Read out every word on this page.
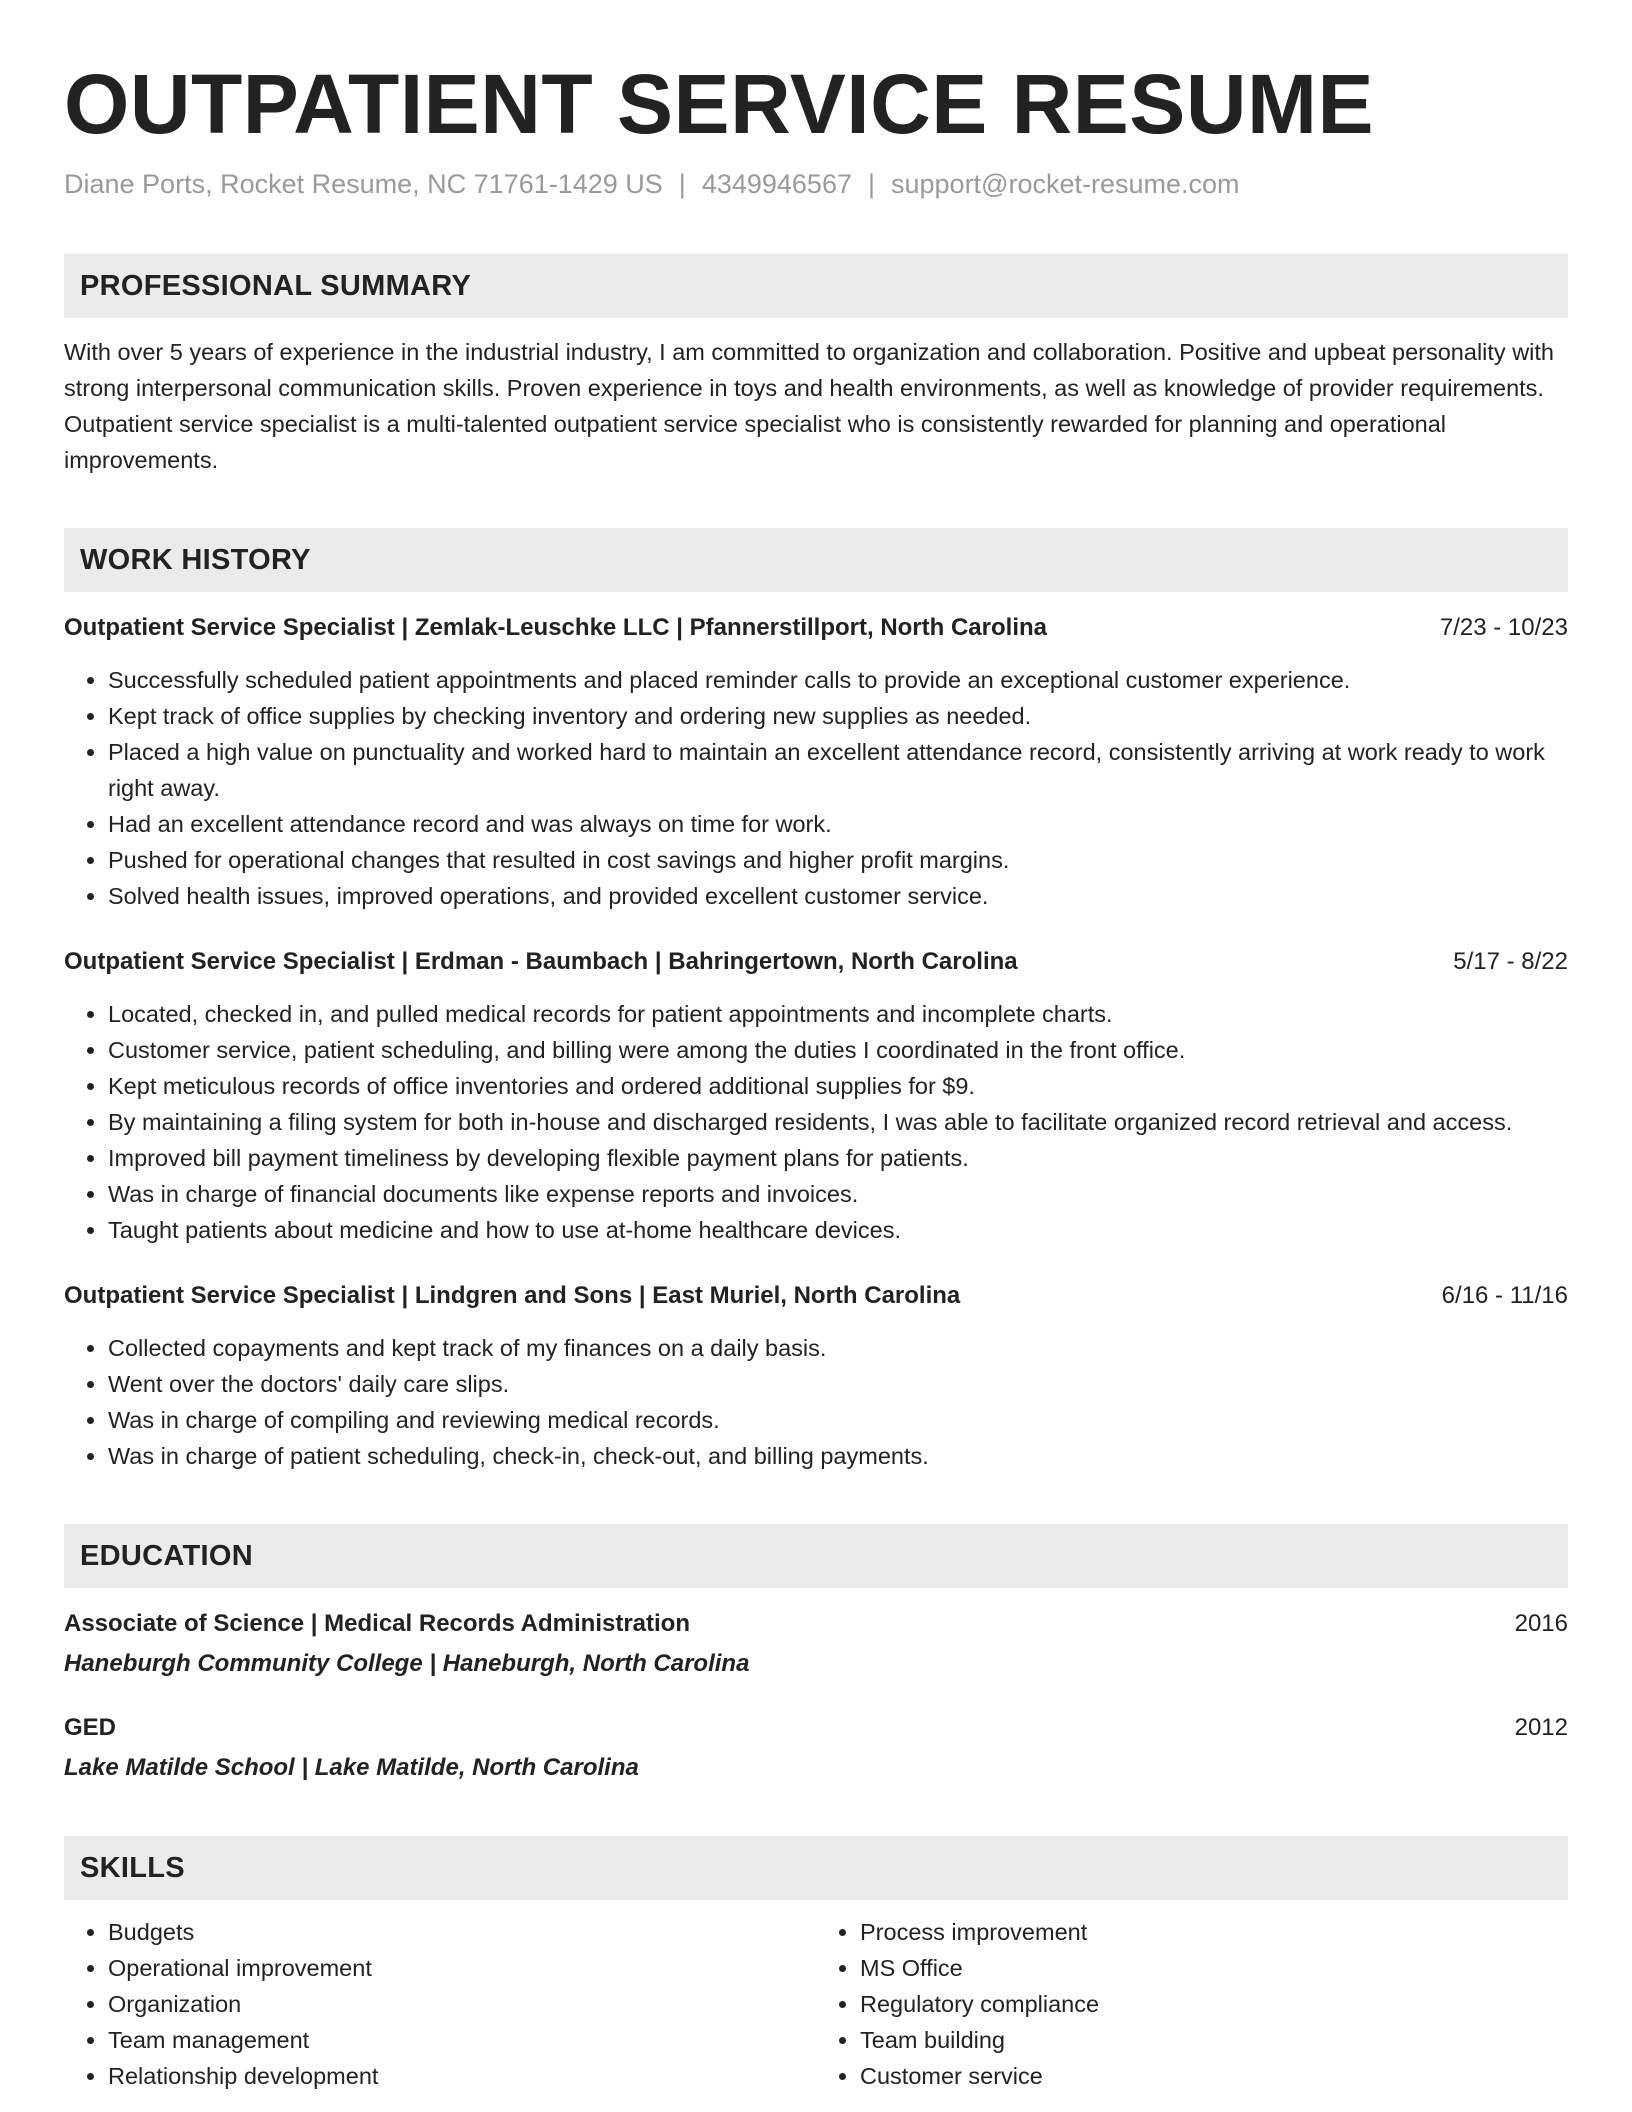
OUTPATIENT SERVICE RESUME
Diane Ports, Rocket Resume, NC 71761-1429 US | 4349946567 | support@rocket-resume.com
PROFESSIONAL SUMMARY
With over 5 years of experience in the industrial industry, I am committed to organization and collaboration. Positive and upbeat personality with strong interpersonal communication skills. Proven experience in toys and health environments, as well as knowledge of provider requirements. Outpatient service specialist is a multi-talented outpatient service specialist who is consistently rewarded for planning and operational improvements.
WORK HISTORY
Outpatient Service Specialist | Zemlak-Leuschke LLC | Pfannerstillport, North Carolina	7/23 - 10/23
• Successfully scheduled patient appointments and placed reminder calls to provide an exceptional customer experience.
• Kept track of office supplies by checking inventory and ordering new supplies as needed.
• Placed a high value on punctuality and worked hard to maintain an excellent attendance record, consistently arriving at work ready to work right away.
• Had an excellent attendance record and was always on time for work.
• Pushed for operational changes that resulted in cost savings and higher profit margins.
• Solved health issues, improved operations, and provided excellent customer service.
Outpatient Service Specialist | Erdman - Baumbach | Bahringertown, North Carolina	5/17 - 8/22
• Located, checked in, and pulled medical records for patient appointments and incomplete charts.
• Customer service, patient scheduling, and billing were among the duties I coordinated in the front office.
• Kept meticulous records of office inventories and ordered additional supplies for $9.
• By maintaining a filing system for both in-house and discharged residents, I was able to facilitate organized record retrieval and access.
• Improved bill payment timeliness by developing flexible payment plans for patients.
• Was in charge of financial documents like expense reports and invoices.
• Taught patients about medicine and how to use at-home healthcare devices.
Outpatient Service Specialist | Lindgren and Sons | East Muriel, North Carolina	6/16 - 11/16
• Collected copayments and kept track of my finances on a daily basis.
• Went over the doctors' daily care slips.
• Was in charge of compiling and reviewing medical records.
• Was in charge of patient scheduling, check-in, check-out, and billing payments.
EDUCATION
Associate of Science | Medical Records Administration	2016
Haneburgh Community College | Haneburgh, North Carolina
GED	2012
Lake Matilde School | Lake Matilde, North Carolina
SKILLS
• Budgets
• Operational improvement
• Organization
• Team management
• Relationship development
• Process improvement
• MS Office
• Regulatory compliance
• Team building
• Customer service
